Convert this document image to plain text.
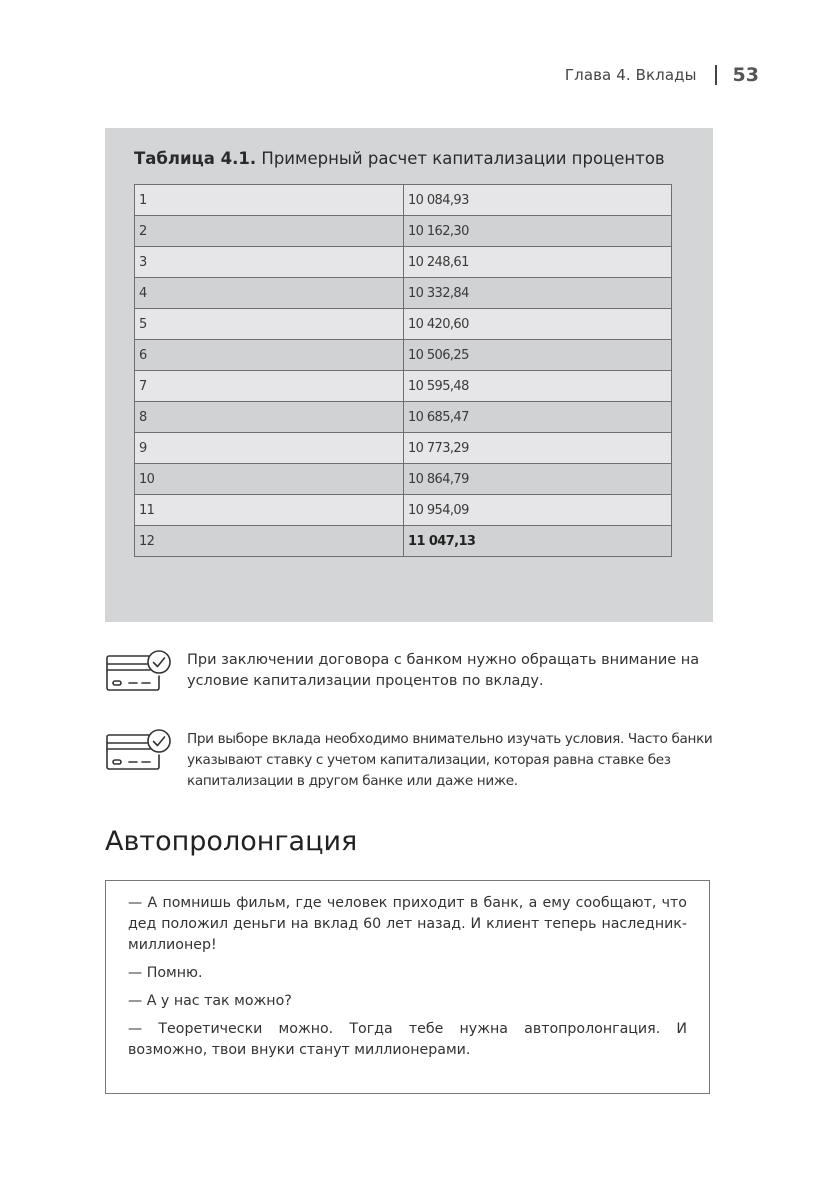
Глава 4. Вклады 53
Таблица 4.1. Примерный расчет капитализации процентов
1	10 084,93
2	10 162,30
3	10 248,61
4	10 332,84
5	10 420,60
6	10 506,25
7	10 595,48
8	10 685,47
9	10 773,29
10	10 864,79
11	10 954,09
12	11 047,13
При заключении договора с банком нужно обращать внимание на условие капитализации процентов по вкладу.
При выборе вклада необходимо внимательно изучать условия. Часто банки указывают ставку с учетом капитализации, которая равна ставке без капитализации в другом банке или даже ниже.
Автопролонгация

— А помнишь фильм, где человек приходит в банк, а ему сообщают, что дед положил деньги на вклад 60 лет назад. И клиент теперь наследник-миллионер!

— Помню.

— А у нас так можно?

— Теоретически можно. Тогда тебе нужна автопролонгация. И возможно, твои внуки станут миллионерами.
